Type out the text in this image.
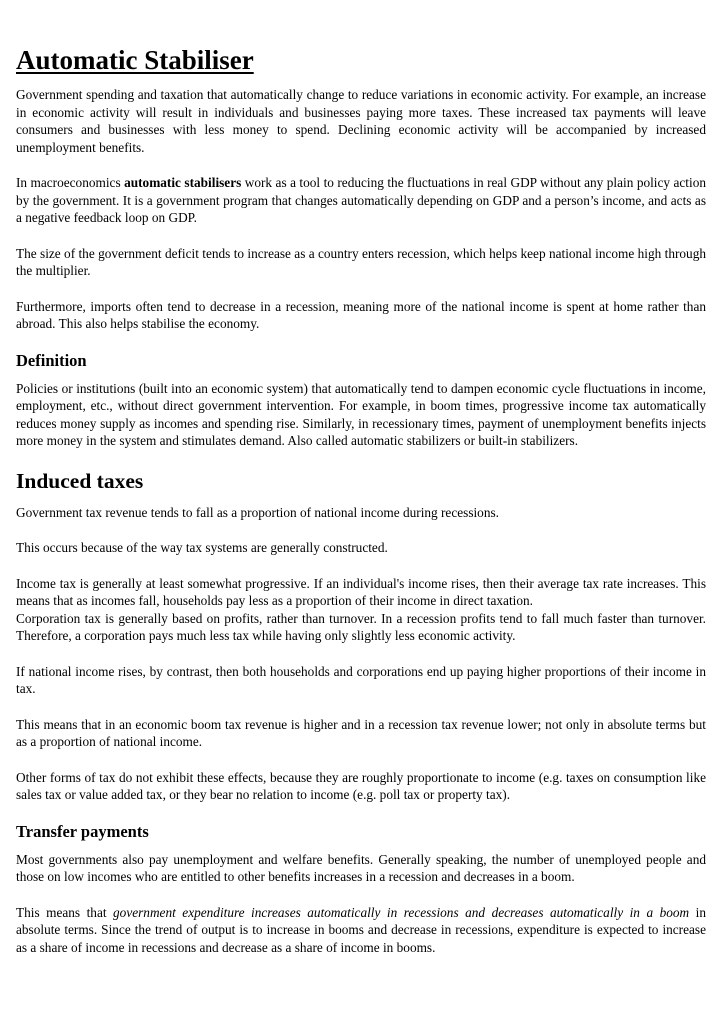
Automatic Stabiliser

Government spending and taxation that automatically change to reduce variations in economic activity. For example, an increase in economic activity will result in individuals and businesses paying more taxes. These increased tax payments will leave consumers and businesses with less money to spend. Declining economic activity will be accompanied by increased unemployment benefits.

In macroeconomics automatic stabilisers work as a tool to reducing the fluctuations in real GDP without any plain policy action by the government. It is a government program that changes automatically depending on GDP and a person’s income, and acts as a negative feedback loop on GDP.

The size of the government deficit tends to increase as a country enters recession, which helps keep national income high through the multiplier.

Furthermore, imports often tend to decrease in a recession, meaning more of the national income is spent at home rather than abroad. This also helps stabilise the economy.

Definition

Policies or institutions (built into an economic system) that automatically tend to dampen economic cycle fluctuations in income, employment, etc., without direct government intervention. For example, in boom times, progressive income tax automatically reduces money supply as incomes and spending rise. Similarly, in recessionary times, payment of unemployment benefits injects more money in the system and stimulates demand. Also called automatic stabilizers or built-in stabilizers.

Induced taxes

Government tax revenue tends to fall as a proportion of national income during recessions.

This occurs because of the way tax systems are generally constructed.

Income tax is generally at least somewhat progressive. If an individual's income rises, then their average tax rate increases. This means that as incomes fall, households pay less as a proportion of their income in direct taxation.

Corporation tax is generally based on profits, rather than turnover. In a recession profits tend to fall much faster than turnover. Therefore, a corporation pays much less tax while having only slightly less economic activity.

If national income rises, by contrast, then both households and corporations end up paying higher proportions of their income in tax.

This means that in an economic boom tax revenue is higher and in a recession tax revenue lower; not only in absolute terms but as a proportion of national income.

Other forms of tax do not exhibit these effects, because they are roughly proportionate to income (e.g. taxes on consumption like sales tax or value added tax, or they bear no relation to income (e.g. poll tax or property tax).

Transfer payments

Most governments also pay unemployment and welfare benefits. Generally speaking, the number of unemployed people and those on low incomes who are entitled to other benefits increases in a recession and decreases in a boom.

This means that government expenditure increases automatically in recessions and decreases automatically in a boom in absolute terms. Since the trend of output is to increase in booms and decrease in recessions, expenditure is expected to increase as a share of income in recessions and decrease as a share of income in booms.
